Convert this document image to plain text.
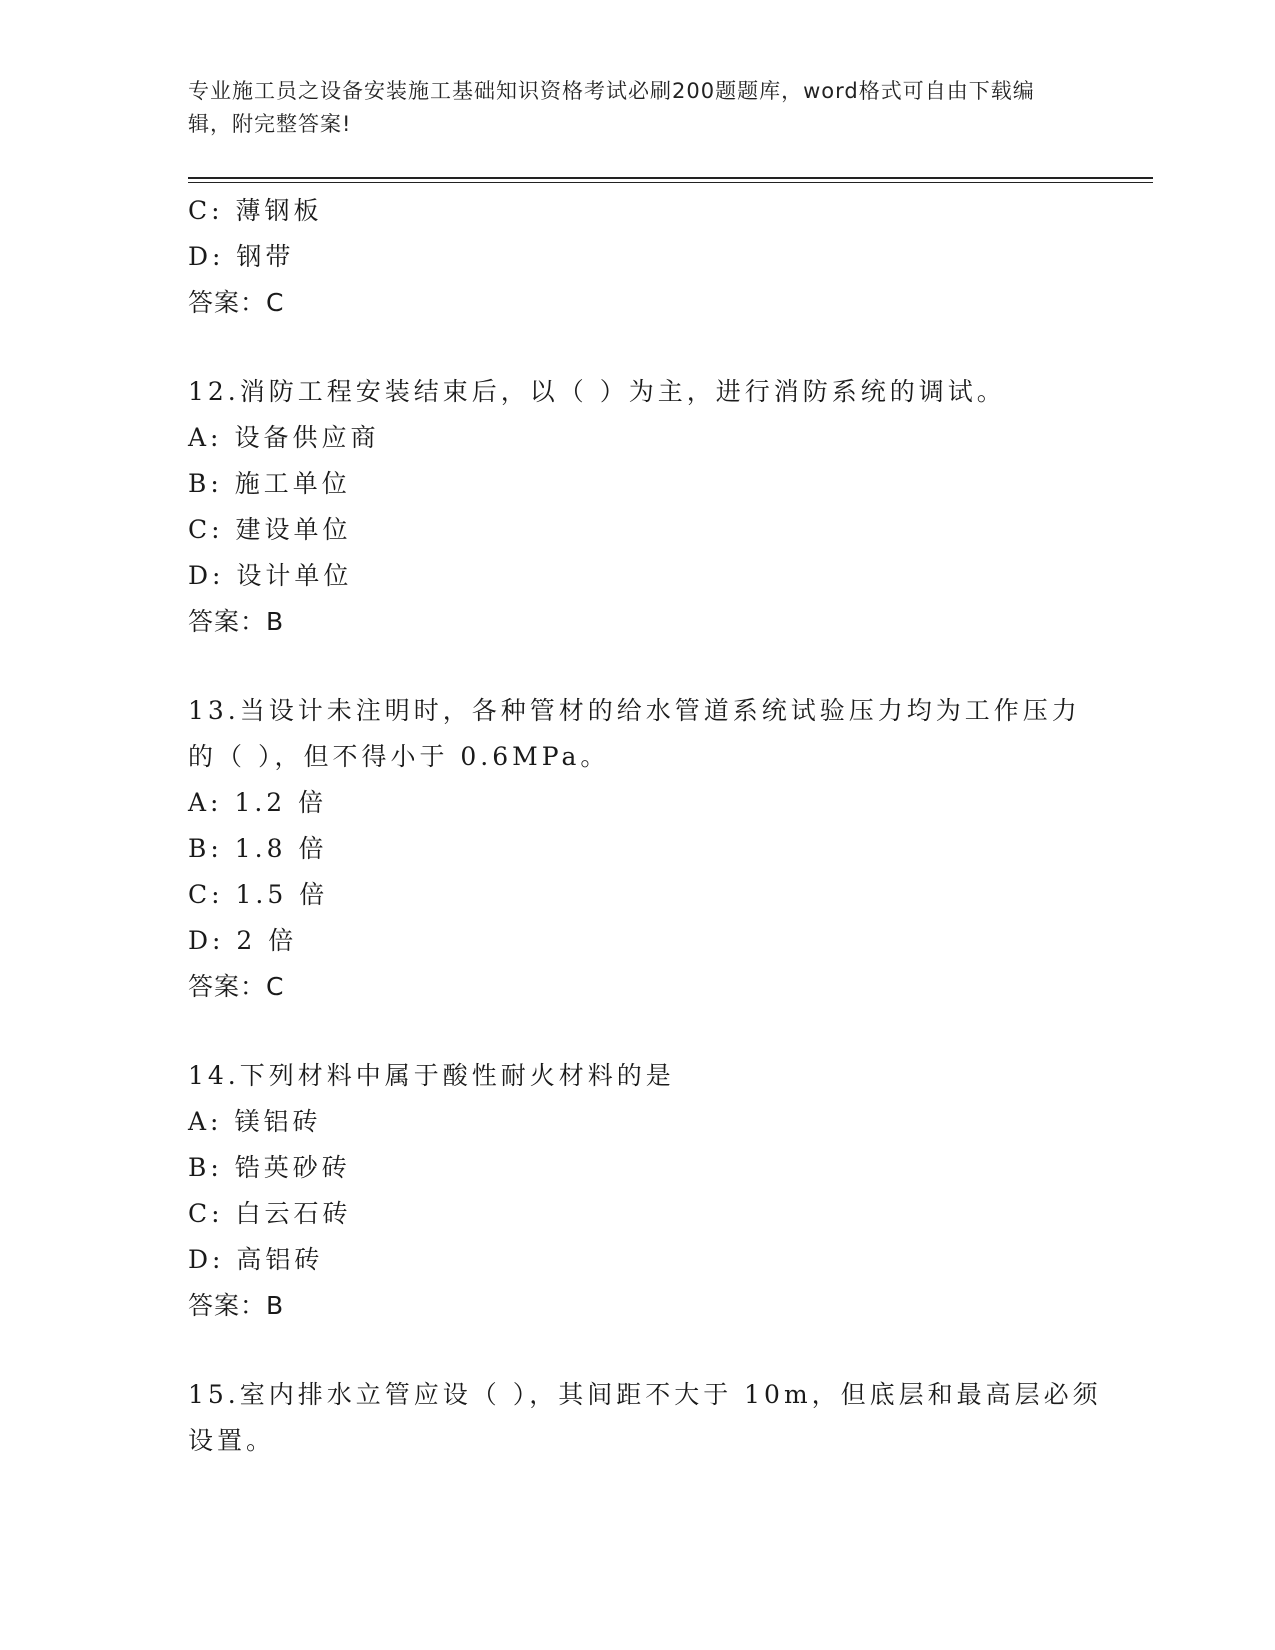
专业施工员之设备安装施工基础知识资格考试必刷200题题库，word格式可自由下载编辑，附完整答案!
C: 薄钢板
D: 钢带
答案：C
12.消防工程安装结束后，以（ ）为主，进行消防系统的调试。
A: 设备供应商
B: 施工单位
C: 建设单位
D: 设计单位
答案：B
13.当设计未注明时，各种管材的给水管道系统试验压力均为工作压力
的（ ），但不得小于 0.6MPa。
A: 1.2 倍
B: 1.8 倍
C: 1.5 倍
D: 2 倍
答案：C
14.下列材料中属于酸性耐火材料的是
A: 镁铝砖
B: 锆英砂砖
C: 白云石砖
D: 高铝砖
答案：B
15.室内排水立管应设（ ），其间距不大于 10m，但底层和最高层必须
设置。
